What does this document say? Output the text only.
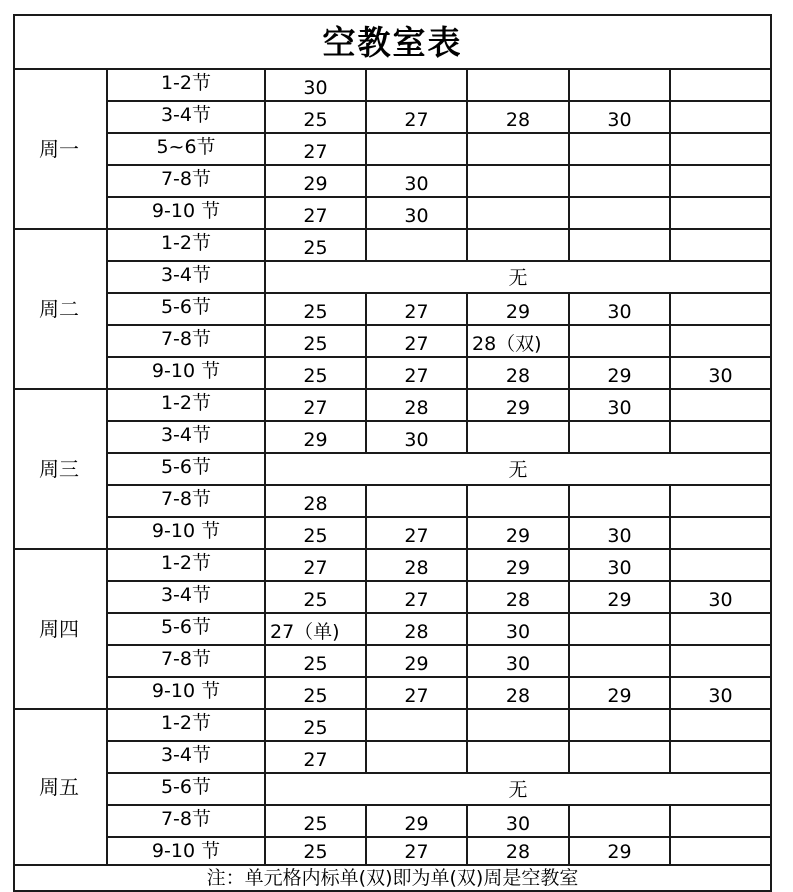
空教室表						
周一	1-2节	30				
	3-4节	25	27	28	30	
	5~6节	27				
	7-8节	29	30			
	9-10 节	27	30			
周二	1-2节	25				
	3-4节	无				
	5-6节	25	27	29	30	
	7-8节	25	27	28（双)		
	9-10 节	25	27	28	29	30
周三	1-2节	27	28	29	30	
	3-4节	29	30			
	5-6节	无				
	7-8节	28				
	9-10 节	25	27	29	30	
周四	1-2节	27	28	29	30	
	3-4节	25	27	28	29	30
	5-6节	27（单)	28	30		
	7-8节	25	29	30		
	9-10 节	25	27	28	29	30
周五	1-2节	25				
	3-4节	27				
	5-6节	无				
	7-8节	25	29	30		
	9-10 节	25	27	28	29	
注：单元格内标单(双)即为单(双)周是空教室						
